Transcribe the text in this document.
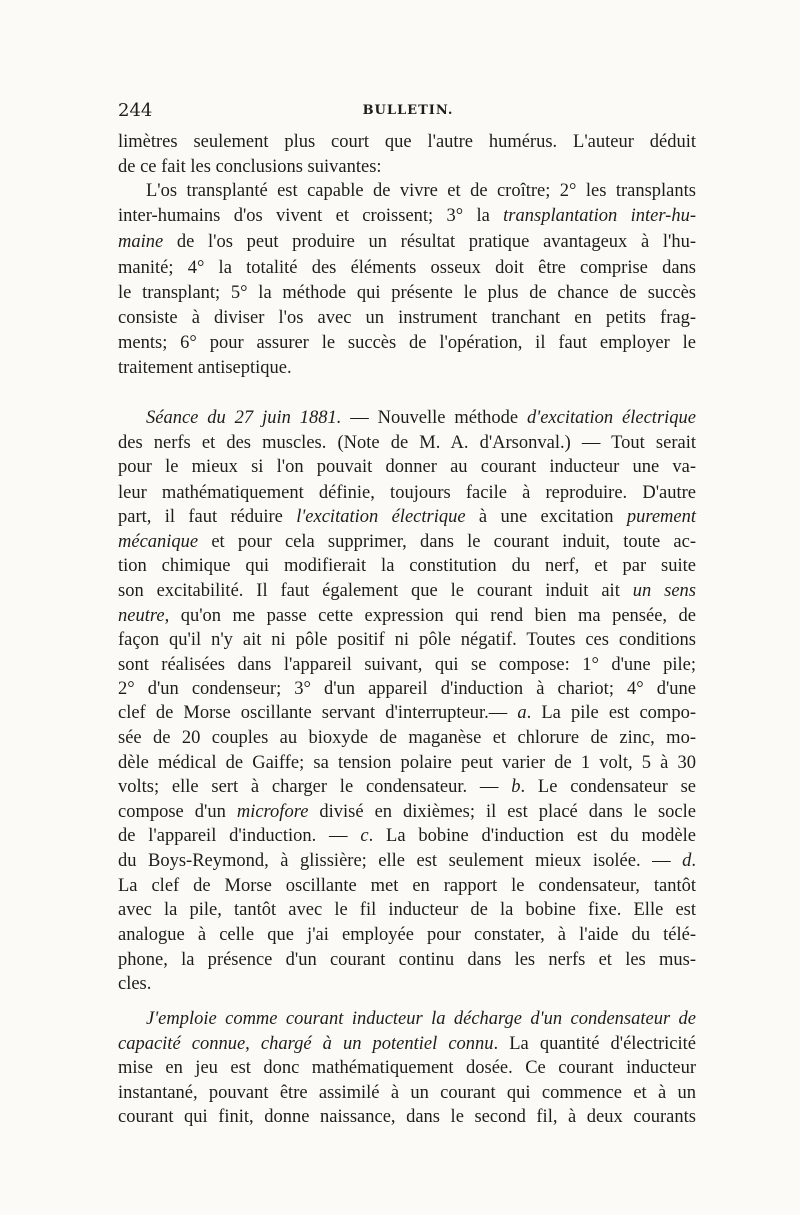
244	BULLETIN.
limètres seulement plus court que l'autre humérus. L'auteur déduit
de ce fait les conclusions suivantes:
L'os transplanté est capable de vivre et de croître; 2° les transplants
inter-humains d'os vivent et croissent; 3° la transplantation inter-hu-
maine de l'os peut produire un résultat pratique avantageux à l'hu-
manité; 4° la totalité des éléments osseux doit être comprise dans
le transplant; 5° la méthode qui présente le plus de chance de succès
consiste à diviser l'os avec un instrument tranchant en petits frag-
ments; 6° pour assurer le succès de l'opération, il faut employer le
traitement antiseptique.
Séance du 27 juin 1881. — Nouvelle méthode d'excitation électrique
des nerfs et des muscles. (Note de M. A. d'Arsonval.) — Tout serait
pour le mieux si l'on pouvait donner au courant inducteur une va-
leur mathématiquement définie, toujours facile à reproduire. D'autre
part, il faut réduire l'excitation électrique à une excitation purement
mécanique et pour cela supprimer, dans le courant induit, toute ac-
tion chimique qui modifierait la constitution du nerf, et par suite
son excitabilité. Il faut également que le courant induit ait un sens
neutre, qu'on me passe cette expression qui rend bien ma pensée, de
façon qu'il n'y ait ni pôle positif ni pôle négatif. Toutes ces conditions
sont réalisées dans l'appareil suivant, qui se compose: 1° d'une pile;
2° d'un condenseur; 3° d'un appareil d'induction à chariot; 4° d'une
clef de Morse oscillante servant d'interrupteur.— a. La pile est compo-
sée de 20 couples au bioxyde de maganèse et chlorure de zinc, mo-
dèle médical de Gaiffe; sa tension polaire peut varier de 1 volt, 5 à 30
volts; elle sert à charger le condensateur. — b. Le condensateur se
compose d'un microfore divisé en dixièmes; il est placé dans le socle
de l'appareil d'induction. — c. La bobine d'induction est du modèle
du Boys-Reymond, à glissière; elle est seulement mieux isolée. — d.
La clef de Morse oscillante met en rapport le condensateur, tantôt
avec la pile, tantôt avec le fil inducteur de la bobine fixe. Elle est
analogue à celle que j'ai employée pour constater, à l'aide du télé-
phone, la présence d'un courant continu dans les nerfs et les mus-
cles.
J'emploie comme courant inducteur la décharge d'un condensateur de
capacité connue, chargé à un potentiel connu. La quantité d'électricité
mise en jeu est donc mathématiquement dosée. Ce courant inducteur
instantané, pouvant être assimilé à un courant qui commence et à un
courant qui finit, donne naissance, dans le second fil, à deux courants
